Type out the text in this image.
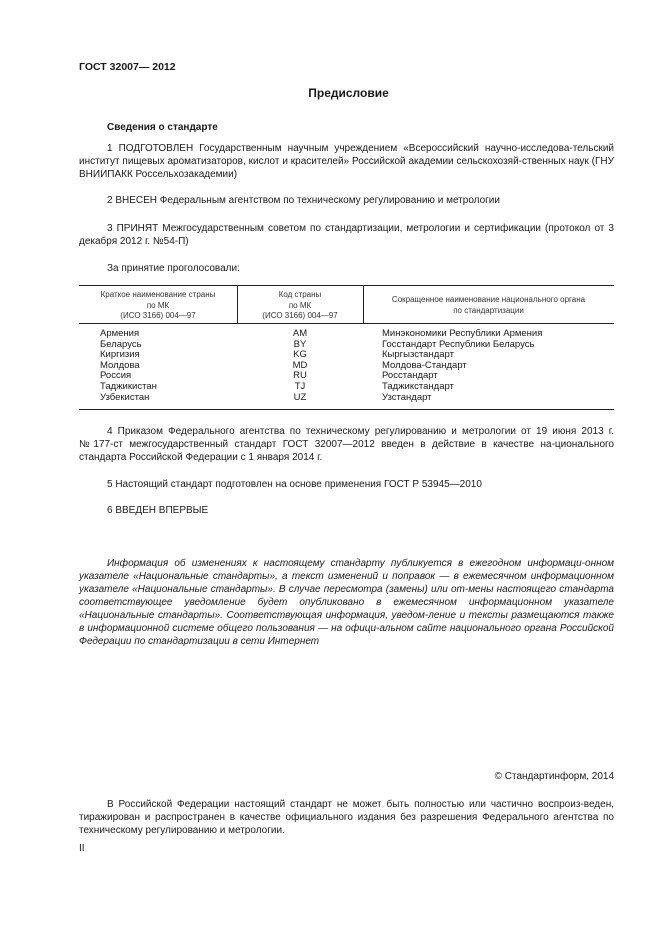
ГОСТ 32007— 2012
Предисловие
Сведения о стандарте

1 ПОДГОТОВЛЕН Государственным научным учреждением «Всероссийский научно-исследова-тельский институт пищевых ароматизаторов, кислот и красителей» Российской академии сельскохозяй-ственных наук (ГНУ ВНИИПАКК Россельхозакадемии)

2 ВНЕСЕН Федеральным агентством по техническому регулированию и метрологии

3 ПРИНЯТ Межгосударственным советом по стандартизации, метрологии и сертификации (протокол от 3 декабря 2012 г. №54-П)

За принятие проголосовали:
Краткое наименование страны
по МК
(ИСО 3166) 004—97
Код страны
по МК
(ИСО 3166) 004—97
Сокращенное наименование национального органа
по стандартизации
Армения
Беларусь
Киргизия
Молдова
Россия
Таджикистан
Узбекистан
AM
BY
KG
MD
RU
TJ
UZ
Минэкономики Республики Армения
Госстандарт Республики Беларусь
Кыргызстандарт
Молдова-Стандарт
Росстандарт
Таджикстандарт
Узстандарт

4 Приказом Федерального агентства по техническому регулированию и метрологии от 19 июня 2013 г. №177-ст межгосударственный стандарт ГОСТ 32007—2012 введен в действие в качестве на-ционального стандарта Российской Федерации с 1 января 2014 г.

5 Настоящий стандарт подготовлен на основе применения ГОСТ Р 53945—2010

6 ВВЕДЕН ВПЕРВЫЕ

Информация об изменениях к настоящему стандарту публикуется в ежегодном информаци-онном указателе «Национальные стандарты», а текст изменений и поправок — в ежемесячном информационном указателе «Национальные стандарты». В случае пересмотра (замены) или от-мены настоящего стандарта соответствующее уведомление будет опубликовано в ежемесячном информационном указателе «Национальные стандарты». Соответствующая информация, уведом-ление и тексты размещаются также в информационной системе общего пользования — на офици-альном сайте национального органа Российской Федерации по стандартизации в сети Интернет

© Стандартинформ, 2014

В Российской Федерации настоящий стандарт не может быть полностью или частично воспроиз-веден, тиражирован и распространен в качестве официального издания без разрешения Федерального агентства по техническому регулированию и метрологии.

II
